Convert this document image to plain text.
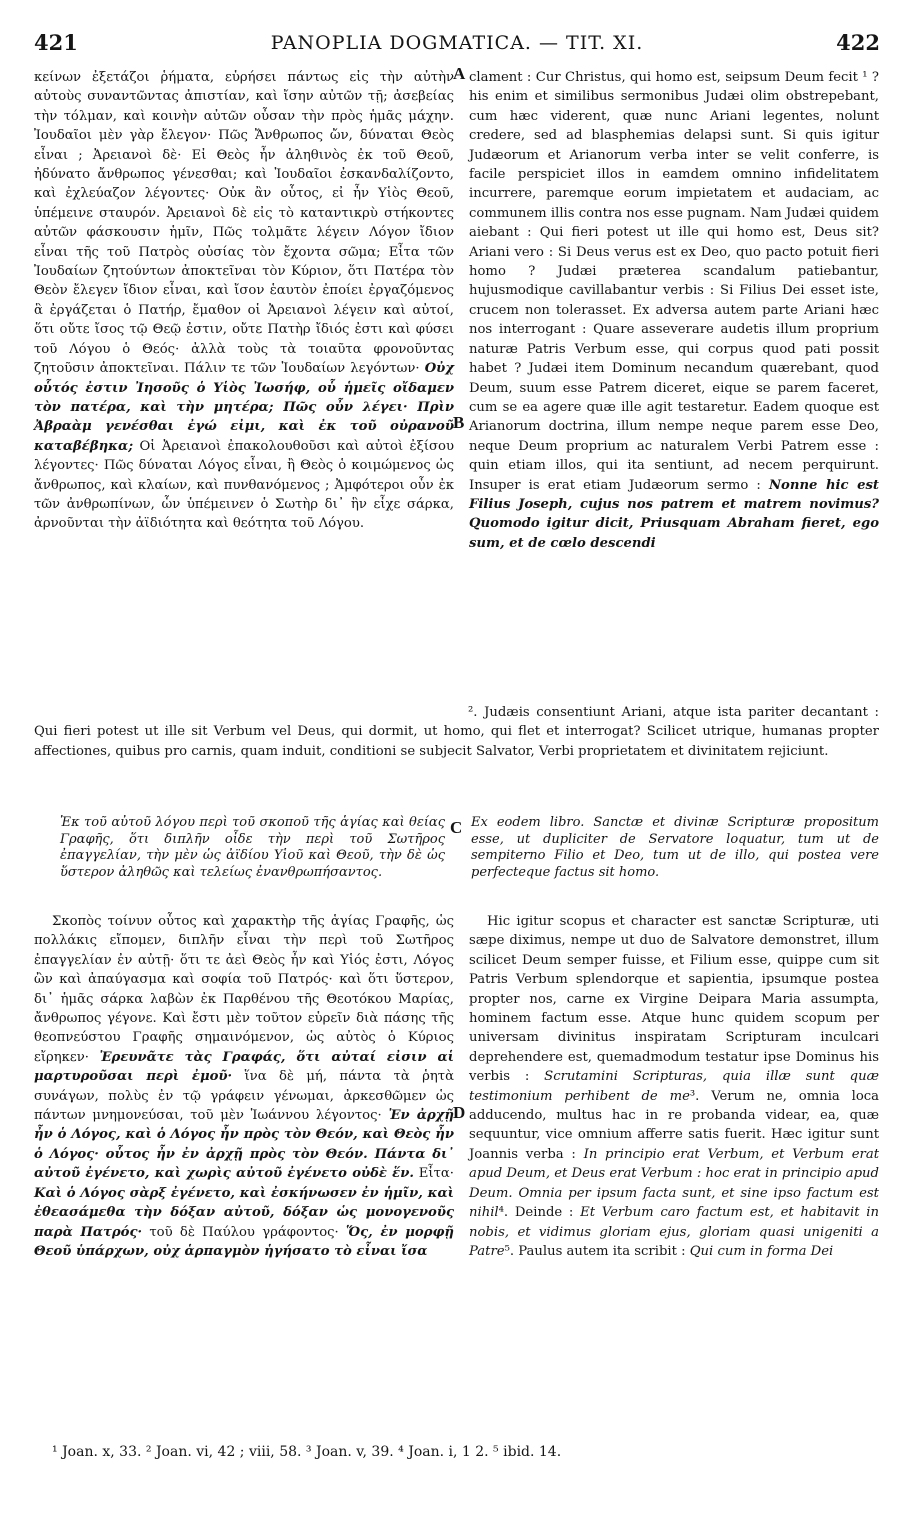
421	PANOPLIA DOGMATICA. — TIT. XI.	422
κείνων ἐξετάζοι ῥήματα, εὑρήσει πάντως εἰς τὴν αὐτὴν αὐτοὺς συναντῶντας ἀπιστίαν, καὶ ἴσην αὐτῶν τῇ; ἀσεβείας τὴν τόλμαν, καὶ κοινὴν αὐτῶν οὖσαν τὴν πρὸς ἡμᾶς μάχην. Ἰουδαῖοι μὲν γὰρ ἔλεγον· Πῶς Ἄνθρωπος ὤν, δύναται Θεὸς εἶναι ; Ἀρειανοὶ δὲ· Εἰ Θεὸς ἦν ἀληθινὸς ἐκ τοῦ Θεοῦ, ἠδύνατο ἄνθρωπος γένεσθαι; καὶ Ἰουδαῖοι ἐσκανδαλίζοντο, καὶ ἐχλεύαζον λέγοντες· Οὐκ ἂν οὗτος, εἰ ἦν Υἱὸς Θεοῦ, ὑπέμεινε σταυρόν. Ἀρειανοὶ δὲ εἰς τὸ καταντικρὺ στήκοντες αὐτῶν φάσκουσιν ἡμῖν, Πῶς τολμᾶτε λέγειν Λόγον ἴδιον εἶναι τῆς τοῦ Πατρὸς οὐσίας τὸν ἔχοντα σῶμα; Εἶτα τῶν Ἰουδαίων ζητούντων ἀποκτεῖναι τὸν Κύριον, ὅτι Πατέρα τὸν Θεὸν ἔλεγεν ἴδιον εἶναι, καὶ ἴσον ἑαυτὸν ἐποίει ἐργαζόμενος ἃ ἐργάζεται ὁ Πατήρ, ἔμαθον οἱ Ἀρειανοὶ λέγειν καὶ αὐτοί, ὅτι οὔτε ἴσος τῷ Θεῷ ἐστιν, οὔτε Πατὴρ ἴδιός ἐστι καὶ φύσει τοῦ Λόγου ὁ Θεός· ἀλλὰ τοὺς τὰ τοιαῦτα φρονοῦντας ζητοῦσιν ἀποκτεῖναι. Πάλιν τε τῶν Ἰουδαίων λεγόντων· Οὐχ οὗτός ἐστιν Ἰησοῦς ὁ Υἱὸς Ἰωσήφ, οὗ ἡμεῖς οἴδαμεν τὸν πατέρα, καὶ τὴν μητέρα; Πῶς οὖν λέγει· Πρὶν Ἀβραὰμ γενέσθαι ἐγώ εἰμι, καὶ ἐκ τοῦ οὐρανοῦ καταβέβηκα; Οἱ Ἀρειανοὶ ἐπακολουθοῦσι καὶ αὐτοὶ ἐξίσου λέγοντες· Πῶς δύναται Λόγος εἶναι, ἢ Θεὸς ὁ κοιμώμενος ὡς ἄνθρωπος, καὶ κλαίων, καὶ πυνθανόμενος ; Ἀμφότεροι οὖν ἐκ τῶν ἀνθρωπίνων, ὧν ὑπέμεινεν ὁ Σωτὴρ δι᾽ ἣν εἶχε σάρκα, ἀρνοῦνται τὴν ἀϊδιότητα καὶ θεότητα τοῦ Λόγου.
clament : Cur Christus, qui homo est, seipsum Deum fecit ¹ ? his enim et similibus sermonibus Judæi olim obstrepebant, cum hæc viderent, quæ nunc Ariani legentes, nolunt credere, sed ad blasphemias delapsi sunt. Si quis igitur Judæorum et Arianorum verba inter se velit conferre, is facile perspiciet illos in eamdem omnino infidelitatem incurrere, paremque eorum impietatem et audaciam, ac communem illis contra nos esse pugnam. Nam Judæi quidem aiebant : Qui fieri potest ut ille qui homo est, Deus sit? Ariani vero : Si Deus verus est ex Deo, quo pacto potuit fieri homo ? Judæi præterea scandalum patiebantur, hujusmodique cavillabantur verbis : Si Filius Dei esset iste, crucem non tolerasset. Ex adversa autem parte Ariani hæc nos interrogant : Quare asseverare audetis illum proprium naturæ Patris Verbum esse, qui corpus quod pati possit habet ? Judæi item Dominum necandum quærebant, quod Deum, suum esse Patrem diceret, eique se parem faceret, cum se ea agere quæ ille agit testaretur. Eadem quoque est Arianorum doctrina, illum nempe neque parem esse Deo, neque Deum proprium ac naturalem Verbi Patrem esse : quin etiam illos, qui ita sentiunt, ad necem perquirunt. Insuper is erat etiam Judæorum sermo : Nonne hic est Filius Joseph, cujus nos patrem et matrem novimus? Quomodo igitur dicit, Priusquam Abraham fieret, ego sum, et de cœlo descendi
². Judæis consentiunt Ariani, atque ista pariter decantant : Qui fieri potest ut ille sit Verbum vel Deus, qui dormit, ut homo, qui flet et interrogat? Scilicet utrique, humanas propter affectiones, quibus pro carnis, quam induit, conditioni se subjecit Salvator, Verbi proprietatem et divinitatem rejiciunt.
A
B
C
D
Ἐκ τοῦ αὐτοῦ λόγου περὶ τοῦ σκοποῦ τῆς ἁγίας καὶ θείας Γραφῆς, ὅτι διπλῆν οἶδε τὴν περὶ τοῦ Σωτῆρος ἐπαγγελίαν, τὴν μὲν ὡς ἀϊδίου Υἱοῦ καὶ Θεοῦ, τὴν δὲ ὡς ὕστερον ἀληθῶς καὶ τελείως ἐνανθρωπήσαντος.
Ex eodem libro. Sanctæ et divinæ Scripturæ propositum esse, ut dupliciter de Servatore loquatur, tum ut de sempiterno Filio et Deo, tum ut de illo, qui postea vere perfecteque factus sit homo.
Σκοπὸς τοίνυν οὗτος καὶ χαρακτὴρ τῆς ἁγίας Γραφῆς, ὡς πολλάκις εἴπομεν, διπλῆν εἶναι τὴν περὶ τοῦ Σωτῆρος ἐπαγγελίαν ἐν αὐτῇ· ὅτι τε ἀεὶ Θεὸς ἦν καὶ Υἱός ἐστι, Λόγος ὢν καὶ ἀπαύγασμα καὶ σοφία τοῦ Πατρός· καὶ ὅτι ὕστερον, δι᾽ ἡμᾶς σάρκα λαβὼν ἐκ Παρθένου τῆς Θεοτόκου Μαρίας, ἄνθρωπος γέγονε. Καὶ ἔστι μὲν τοῦτον εὑρεῖν διὰ πάσης τῆς θεοπνεύστου Γραφῆς σημαινόμενον, ὡς αὐτὸς ὁ Κύριος εἴρηκεν· Ἐρευνᾶτε τὰς Γραφάς, ὅτι αὐταί εἰσιν αἱ μαρτυροῦσαι περὶ ἐμοῦ· ἵνα δὲ μή, πάντα τὰ ῥητὰ συνάγων, πολὺς ἐν τῷ γράφειν γένωμαι, ἀρκεσθῶμεν ὡς πάντων μνημονεύσαι, τοῦ μὲν Ἰωάννου λέγοντος· Ἐν ἀρχῇ ἦν ὁ Λόγος, καὶ ὁ Λόγος ἦν πρὸς τὸν Θεόν, καὶ Θεὸς ἦν ὁ Λόγος· οὗτος ἦν ἐν ἀρχῇ πρὸς τὸν Θεόν. Πάντα δι᾽ αὐτοῦ ἐγένετο, καὶ χωρὶς αὐτοῦ ἐγένετο οὐδὲ ἕν. Εἶτα· Καὶ ὁ Λόγος σὰρξ ἐγένετο, καὶ ἐσκήνωσεν ἐν ἡμῖν, καὶ ἐθεασάμεθα τὴν δόξαν αὐτοῦ, δόξαν ὡς μονογενοῦς παρὰ Πατρός· τοῦ δὲ Παύλου γράφοντος· Ὅς, ἐν μορφῇ Θεοῦ ὑπάρχων, οὐχ ἁρπαγμὸν ἡγήσατο τὸ εἶναι ἴσα
Hic igitur scopus et character est sanctæ Scripturæ, uti sæpe diximus, nempe ut duo de Salvatore demonstret, illum scilicet Deum semper fuisse, et Filium esse, quippe cum sit Patris Verbum splendorque et sapientia, ipsumque postea propter nos, carne ex Virgine Deipara Maria assumpta, hominem factum esse. Atque hunc quidem scopum per universam divinitus inspiratam Scripturam inculcari deprehendere est, quemadmodum testatur ipse Dominus his verbis : Scrutamini Scripturas, quia illæ sunt quæ testimonium perhibent de me³. Verum ne, omnia loca adducendo, multus hac in re probanda videar, ea, quæ sequuntur, vice omnium afferre satis fuerit. Hæc igitur sunt Joannis verba : In principio erat Verbum, et Verbum erat apud Deum, et Deus erat Verbum : hoc erat in principio apud Deum. Omnia per ipsum facta sunt, et sine ipso factum est nihil⁴. Deinde : Et Verbum caro factum est, et habitavit in nobis, et vidimus gloriam ejus, gloriam quasi unigeniti a Patre⁵. Paulus autem ita scribit : Qui cum in forma Dei
¹ Joan. x, 33. ² Joan. vi, 42 ; viii, 58. ³ Joan. v, 39. ⁴ Joan. i, 1 2. ⁵ ibid. 14.
